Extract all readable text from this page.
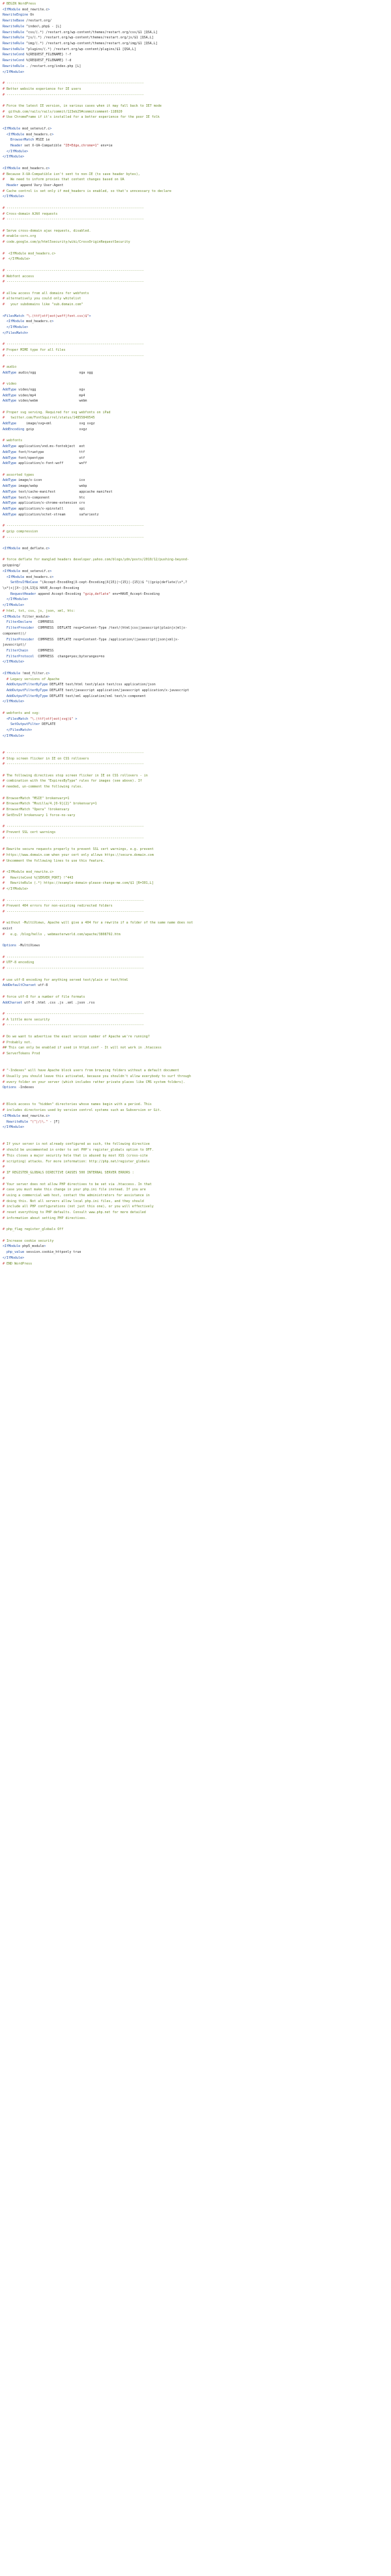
# BEGIN WordPress
<IfModule mod_rewrite.c>
RewriteEngine On
RewriteBase /restart.org/
RewriteRule ^index\.php$ - [L]
RewriteRule ^css/(.*) /restart.org/wp-content/themes/restart.org/css/$1 [QSA,L]
RewriteRule ^js/(.*) /restart.org/wp-content/themes/restart.org/js/$1 [QSA,L]
RewriteRule ^img/(.*) /restart.org/wp-content/themes/restart.org/img/$1 [QSA,L]
RewriteRule ^plugins/(.*) /restart.org/wp-content/plugins/$1 [QSA,L]
RewriteCond %{REQUEST_FILENAME} !-f
RewriteCond %{REQUEST_FILENAME} !-d
RewriteRule . /restart.org/index.php [L]
</IfModule>
# ----------------------------------------------------------------------
# Better website experience for IE users
# ----------------------------------------------------------------------
# Force the latest IE version, in various cases when it may fall back to IE7 mode
#  github.com/rails/rails/commit/123eb25#commitcomment-118920
# Use ChromeFrame if it's installed for a better experience for the poor IE folk
<IfModule mod_setenvif.c>
<IfModule mod_headers.c>
BrowserMatch MSIE ie
Header set X-UA-Compatible "IE=Edge,chrome=1" env=ie
</IfModule>
</IfModule>
<IfModule mod_headers.c>
# Because X-UA-Compatible isn't sent to non-IE (to save header bytes),
#   We need to inform proxies that content changes based on UA
Header append Vary User-Agent
# Cache control is set only if mod_headers is enabled, so that's unncessary to declare
</IfModule>
# ----------------------------------------------------------------------
# Cross-domain AJAX requests
# ----------------------------------------------------------------------
# Serve cross-domain ajax requests, disabled.
# enable-cors.org
# code.google.com/p/html5security/wiki/CrossOriginRequestSecurity
#  <IfModule mod_headers.c>
#  </IfModule>
# ----------------------------------------------------------------------
# Webfont access
# ----------------------------------------------------------------------
# allow access from all domains for webfonts
# alternatively you could only whitelist
#   your subdomains like "sub.domain.com"
<FilesMatch "\.(ttf|otf|eot|woff|font.css)$">
<IfModule mod_headers.c>
</IfModule>
</FilesMatch>
# ----------------------------------------------------------------------
# Proper MIME type for all files
# ----------------------------------------------------------------------
# audio
AddType audio/ogg                      oga ogg
# video
AddType video/ogg                      ogv
AddType video/mp4                      mp4
AddType video/webm                     webm
# Proper svg serving. Required for svg webfonts on iPad
#   twitter.com/FontSquirrel/status/14855840545
AddType     image/svg+xml              svg svgz
AddEncoding gzip                       svgz
# webfonts
AddType application/vnd.ms-fontobject  eot
AddType font/truetype                  ttf
AddType font/opentype                  otf
AddType application/x-font-woff        woff
# assorted types
AddType image/x-icon                   ico
AddType image/webp                     webp
AddType text/cache-manifest            appcache manifest
AddType text/x-component               htc
AddType application/x-chrome-extension crx
AddType application/x-xpinstall        xpi
AddType application/octet-stream       safariextz
# ----------------------------------------------------------------------
# gzip compression
# ----------------------------------------------------------------------
<IfModule mod_deflate.c>
# force deflate for mangled headers developer.yahoo.com/blogs/ydn/posts/2010/12/pushing-beyond-
gzipping/
<IfModule mod_setenvif.c>
<IfModule mod_headers.c>
SetEnvIfNoCase ^(Accept-EncodXng|X-cept-Encoding|X{15}|~{15}|-{15})$ ^((gzip|deflate)\s*,?
\s*)+|[X~-]{4,13}$ HAVE_Accept-Encoding
RequestHeader append Accept-Encoding "gzip,deflate" env=HAVE_Accept-Encoding
</IfModule>
</IfModule>
# html, txt, css, js, json, xml, htc:
<IfModule filter_module>
FilterDeclare   COMPRESS
FilterProvider  COMPRESS  DEFLATE resp=Content-Type /text/(html|css|javascript|plain|x(ml|x-
component))/
FilterProvider  COMPRESS  DEFLATE resp=Content-Type /application/(javascript|json|xml|x-
javascript)/
FilterChain     COMPRESS
FilterProtocol  COMPRESS  change=yes;byteranges=no
</IfModule>
<IfModule !mod_filter.c>
# Legacy versions of Apache
AddOutputFilterByType DEFLATE text/html text/plain text/css application/json
AddOutputFilterByType DEFLATE text/javascript application/javascript application/x-javascript
AddOutputFilterByType DEFLATE text/xml application/xml text/x-component
</IfModule>
# webfonts and svg:
<FilesMatch "\.(ttf|otf|eot|svg)$" >
SetOutputFilter DEFLATE
</FilesMatch>
</IfModule>
# ----------------------------------------------------------------------
# Stop screen flicker in IE on CSS rollovers
# ----------------------------------------------------------------------
# The following directives stop screen flicker in IE on CSS rollovers - in
# combination with the "ExpiresByType" rules for images (see above). If
# needed, un-comment the following rules.
# BrowserMatch "MSIE" brokenvary=1
# BrowserMatch "Mozilla/4.[0-9]{2}" brokenvary=1
# BrowserMatch "Opera" !brokenvary
# SetEnvIf brokenvary 1 force-no-vary
# ----------------------------------------------------------------------
# Prevent SSL cert warnings
# ----------------------------------------------------------------------
# Rewrite secure requests properly to prevent SSL cert warnings, e.g. prevent
# https://www.domain.com when your cert only allows https://secure.domain.com
# Uncomment the following lines to use this feature.
# <IfModule mod_rewrite.c>
#   RewriteCond %{SERVER_PORT} !^443
#   RewriteRule (.*) https://example-domain-please-change-me.com/$1 [R=301,L]
# </IfModule>
# ----------------------------------------------------------------------
# Prevent 404 errors for non-existing redirected folders
# ----------------------------------------------------------------------
# without -MultiViews, Apache will give a 404 for a rewrite if a folder of the same name does not
exist
#   e.g. /blog/hello , webmasterworld.com/apache/3808792.htm
Options -MultiViews
# ----------------------------------------------------------------------
# UTF-8 encoding
# ----------------------------------------------------------------------
# use utf-8 encoding for anything served text/plain or text/html
AddDefaultCharset utf-8
# force utf-8 for a number of file formats
AddCharset utf-8 .html .css .js .xml .json .rss
# ----------------------------------------------------------------------
# A little more security
# ----------------------------------------------------------------------
# Do we want to advertise the exact version number of Apache we're running?
# Probably not.
## This can only be enabled if used in httpd.conf - It will not work in .htaccess
# ServerTokens Prod
# "-Indexes" will have Apache block users from browsing folders without a default document
# Usually you should leave this activated, because you shouldn't allow everybody to surf through
# every folder on your server (which includes rather private places like CMS system folders).
Options -Indexes
# Block access to "hidden" directories whose names begin with a period. This
# includes directories used by version control systems such as Subversion or Git.
<IfModule mod_rewrite.c>
RewriteRule "(^|/)\." - [F]
</IfModule>
# If your server is not already configured as such, the following directive
# should be uncommented in order to set PHP's register_globals option to OFF.
# This closes a major security hole that is abused by most XSS (cross-site
# scripting) attacks. For more information: http://php.net/register_globals
#
# IF REGISTER_GLOBALS DIRECTIVE CAUSES 500 INTERNAL SERVER ERRORS :
#
# Your server does not allow PHP directives to be set via .htaccess. In that
# case you must make this change in your php.ini file instead. If you are
# using a commercial web host, contact the administrators for assistance in
# doing this. Not all servers allow local php.ini files, and they should
# include all PHP configurations (not just this one), or you will effectively
# reset everything to PHP defaults. Consult www.php.net for more detailed
# information about setting PHP directives.
# php_flag register_globals Off
# Increase cookie security
<IfModule php5_module>
php_value session.cookie_httponly true
</IfModule>
# END WordPress
